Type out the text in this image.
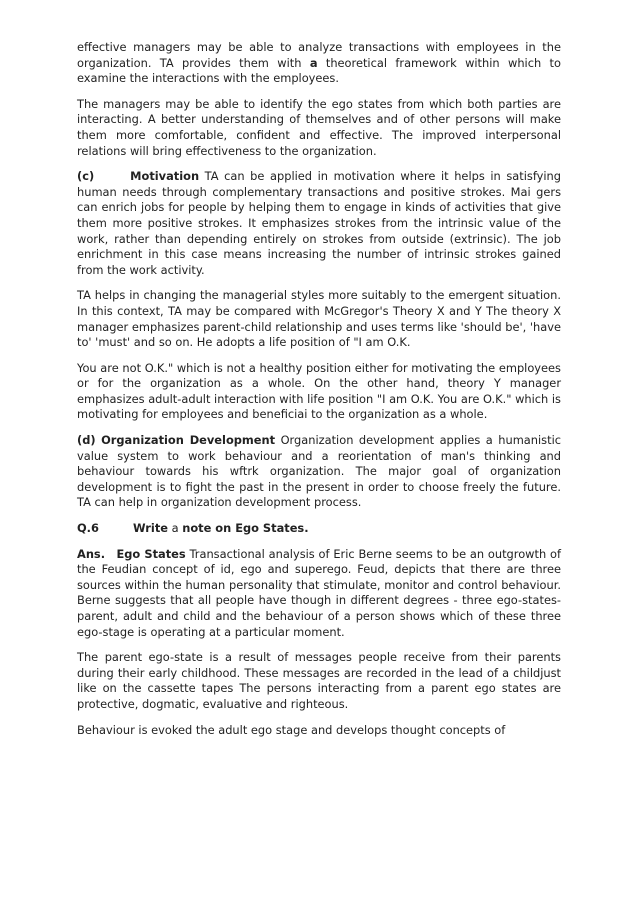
effective managers may be able to analyze transactions with employees in the organization. TA provides them with a theoretical framework within which to examine the interactions with the employees.

The managers may be able to identify the ego states from which both parties are interacting. A better understanding of themselves and of other persons will make them more comfortable, confident and effective. The improved interpersonal relations will bring effectiveness to the organization.

(c)	Motivation TA can be applied in motivation where it helps in satisfying human needs through complementary transactions and positive strokes. Mai gers can enrich jobs for people by helping them to engage in kinds of activities that give them more positive strokes. It emphasizes strokes from the intrinsic value of the work, rather than depending entirely on strokes from outside (extrinsic). The job enrichment in this case means increasing the number of intrinsic strokes gained from the work activity.

TA helps in changing the managerial styles more suitably to the emergent situation. In this context, TA may be compared with McGregor's Theory X and Y The theory X manager emphasizes parent-child relationship and uses terms like 'should be', 'have to' 'must' and so on. He adopts a life position of "I am O.K.

You are not O.K." which is not a healthy position either for motivating the employees or for the organization as a whole. On the other hand, theory Y manager emphasizes adult-adult interaction with life position "I am O.K. You are O.K." which is motivating for employees and beneficiai to the organization as a whole.

(d) Organization Development Organization development applies a humanistic value system to work behaviour and a reorientation of man's thinking and behaviour towards his wftrk organization. The major goal of organization development is to fight the past in the present in order to choose freely the future. TA can help in organization development process.

Q.6	Write a note on Ego States.

Ans. Ego States Transactional analysis of Eric Berne seems to be an outgrowth of the Feudian concept of id, ego and superego. Feud, depicts that there are three sources within the human personality that stimulate, monitor and control behaviour. Berne suggests that all people have though in different degrees - three ego-states-parent, adult and child and the behaviour of a person shows which of these three ego-stage is operating at a particular moment.

The parent ego-state is a result of messages people receive from their parents during their early childhood. These messages are recorded in the lead of a childjust like on the cassette tapes The persons interacting from a parent ego states are protective, dogmatic, evaluative and righteous.

Behaviour is evoked the adult ego stage and develops thought concepts of
